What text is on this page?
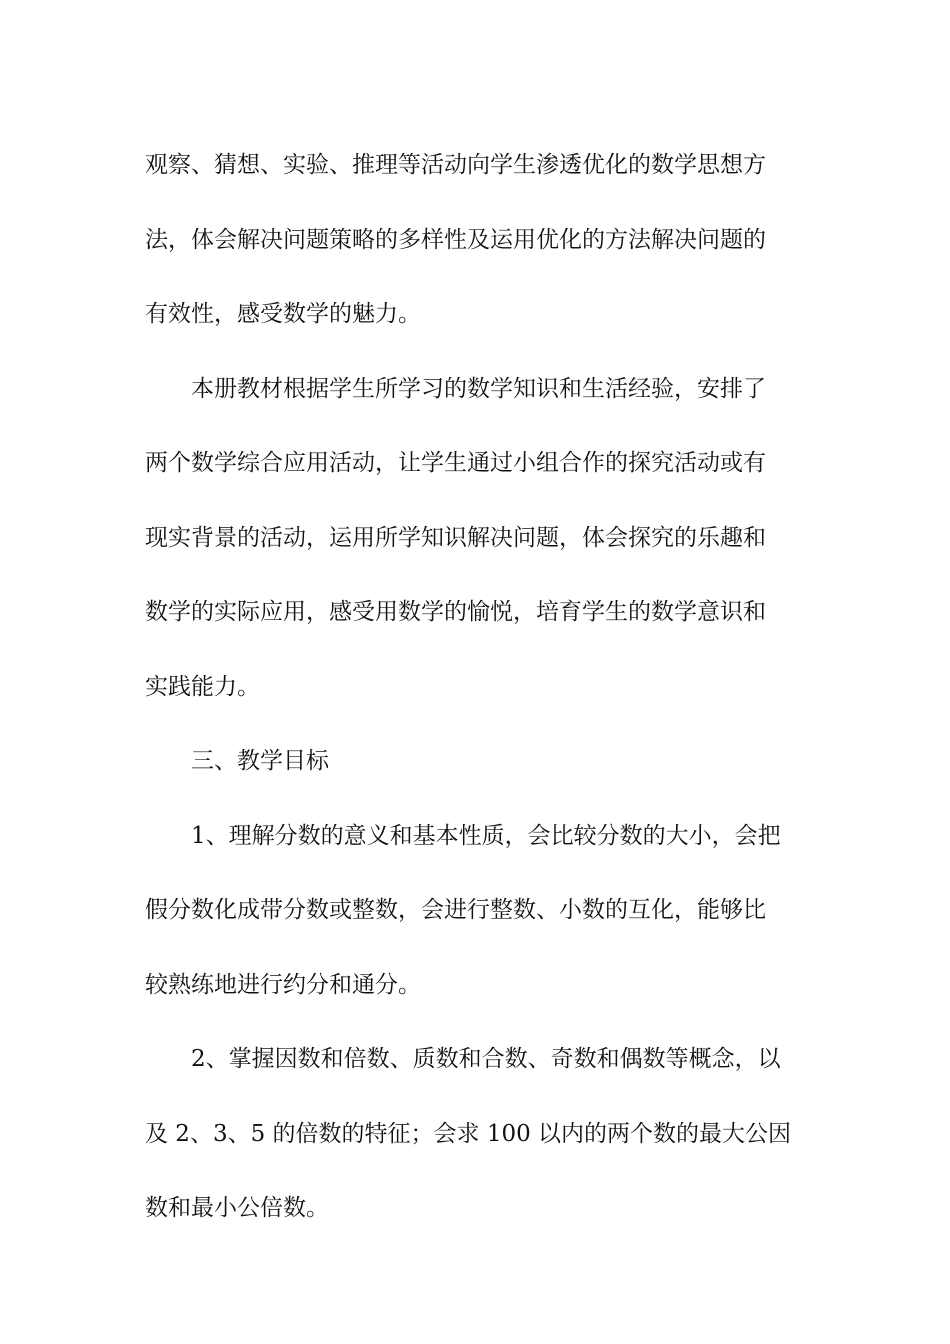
观察、猜想、实验、推理等活动向学生渗透优化的数学思想方
法，体会解决问题策略的多样性及运用优化的方法解决问题的
有效性，感受数学的魅力。
本册教材根据学生所学习的数学知识和生活经验，安排了
两个数学综合应用活动，让学生通过小组合作的探究活动或有
现实背景的活动，运用所学知识解决问题，体会探究的乐趣和
数学的实际应用，感受用数学的愉悦，培育学生的数学意识和
实践能力。
三、教学目标
1、理解分数的意义和基本性质，会比较分数的大小，会把
假分数化成带分数或整数，会进行整数、小数的互化，能够比
较熟练地进行约分和通分。
2、掌握因数和倍数、质数和合数、奇数和偶数等概念，以
及 2、3、5 的倍数的特征；会求 100 以内的两个数的最大公因
数和最小公倍数。
